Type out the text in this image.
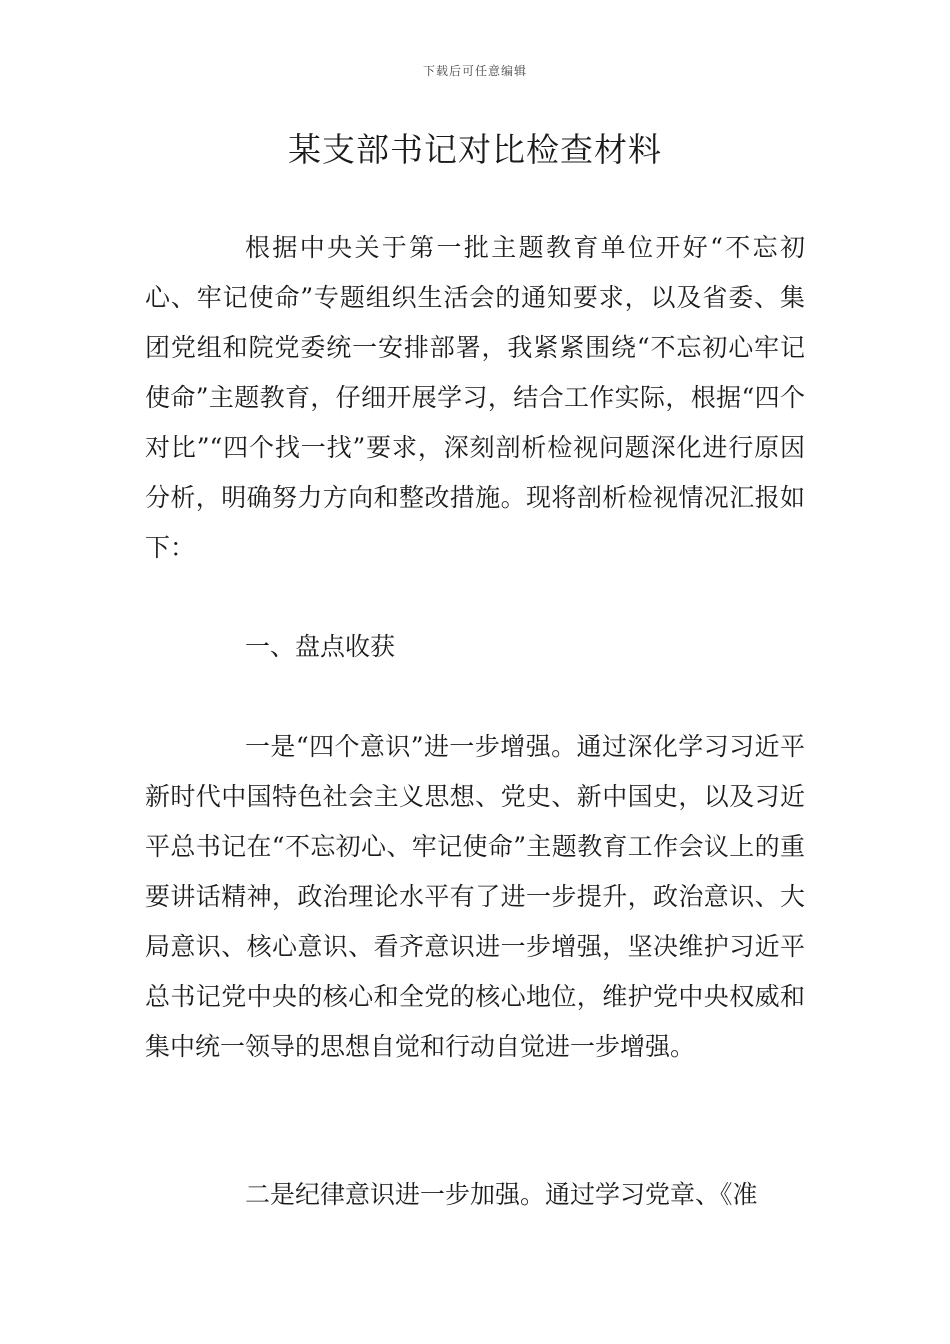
下载后可任意编辑
某支部书记对比检查材料

根据中央关于第一批主题教育单位开好“不忘初心、牢记使命”专题组织生活会的通知要求，以及省委、集团党组和院党委统一安排部署，我紧紧围绕“不忘初心牢记使命”主题教育，仔细开展学习，结合工作实际，根据“四个对比”“四个找一找”要求，深刻剖析检视问题深化进行原因分析，明确努力方向和整改措施。现将剖析检视情况汇报如下：

一、盘点收获

一是“四个意识”进一步增强。通过深化学习习近平新时代中国特色社会主义思想、党史、新中国史，以及习近平总书记在“不忘初心、牢记使命”主题教育工作会议上的重要讲话精神，政治理论水平有了进一步提升，政治意识、大局意识、核心意识、看齐意识进一步增强，坚决维护习近平总书记党中央的核心和全党的核心地位，维护党中央权威和集中统一领导的思想自觉和行动自觉进一步增强。

二是纪律意识进一步加强。通过学习党章、《准
